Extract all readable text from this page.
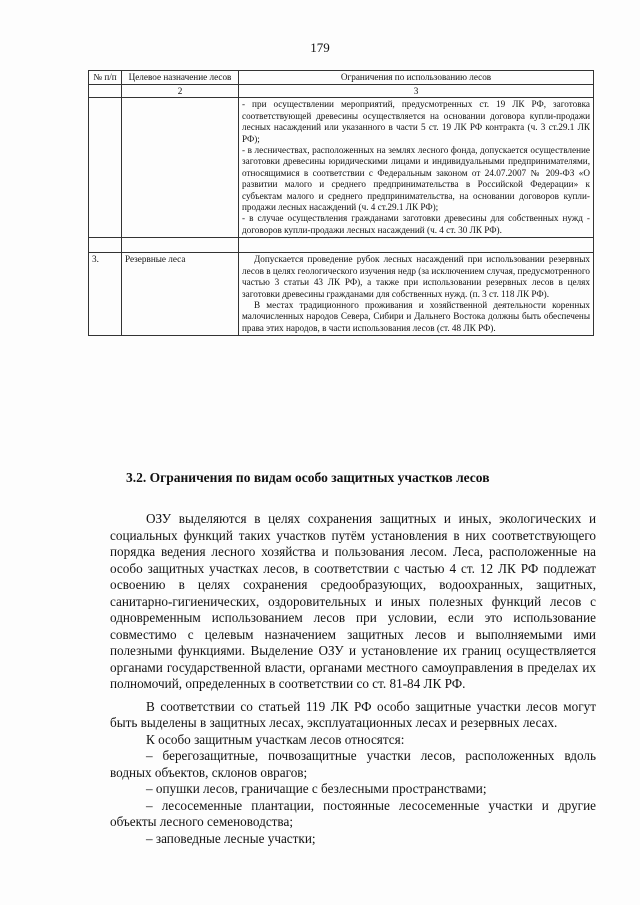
179
№ п/п	Целевое назначение лесов	Ограничения по использованию лесов
	2	3

		- при осуществлении мероприятий, предусмотренных ст. 19 ЛК РФ, заготовка соответствующей древесины осуществляется на основании договора купли-продажи лесных насаждений или указанного в части 5 ст. 19 ЛК РФ контракта (ч. 3 ст.29.1 ЛК РФ);

- в лесничествах, расположенных на землях лесного фонда, допускается осуществление заготовки древесины юридическими лицами и индивидуальными предпринимателями, относящимися в соответствии с Федеральным законом от 24.07.2007 № 209-ФЗ «О развитии малого и среднего предпринимательства в Российской Федерации» к субъектам малого и среднего предпринимательства, на основании договоров купли-продажи лесных насаждений (ч. 4 ст.29.1 ЛК РФ);

- в случае осуществления гражданами заготовки древесины для собственных нужд - договоров купли-продажи лесных насаждений (ч. 4 ст. 30 ЛК РФ).

3.	Резервные леса	Допускается проведение рубок лесных насаждений при использовании резервных лесов в целях геологического изучения недр (за исключением случая, предусмотренного частью 3 статьи 43 ЛК РФ), а также при использовании резервных лесов в целях заготовки древесины гражданами для собственных нужд. (п. 3 ст. 118 ЛК РФ).

В местах традиционного проживания и хозяйственной деятельности коренных малочисленных народов Севера, Сибири и Дальнего Востока должны быть обеспечены права этих народов, в части использования лесов (ст. 48 ЛК РФ).

3.2. Ограничения по видам особо защитных участков лесов

ОЗУ выделяются в целях сохранения защитных и иных, экологических и социальных функций таких участков путём установления в них соответствующего порядка ведения лесного хозяйства и пользования лесом. Леса, расположенные на особо защитных участках лесов, в соответствии с частью 4 ст. 12 ЛК РФ подлежат освоению в целях сохранения средообразующих, водоохранных, защитных, санитарно-гигиенических, оздоровительных и иных полезных функций лесов с одновременным использованием лесов при условии, если это использование совместимо с целевым назначением защитных лесов и выполняемыми ими полезными функциями. Выделение ОЗУ и установление их границ осуществляется органами государственной власти, органами местного самоуправления в пределах их полномочий, определенных в соответствии со ст. 81-84 ЛК РФ.

В соответствии со статьей 119 ЛК РФ особо защитные участки лесов могут быть выделены в защитных лесах, эксплуатационных лесах и резервных лесах.

К особо защитным участкам лесов относятся:

– берегозащитные, почвозащитные участки лесов, расположенных вдоль водных объектов, склонов оврагов;

– опушки лесов, граничащие с безлесными пространствами;

– лесосеменные плантации, постоянные лесосеменные участки и другие объекты лесного семеноводства;

– заповедные лесные участки;
